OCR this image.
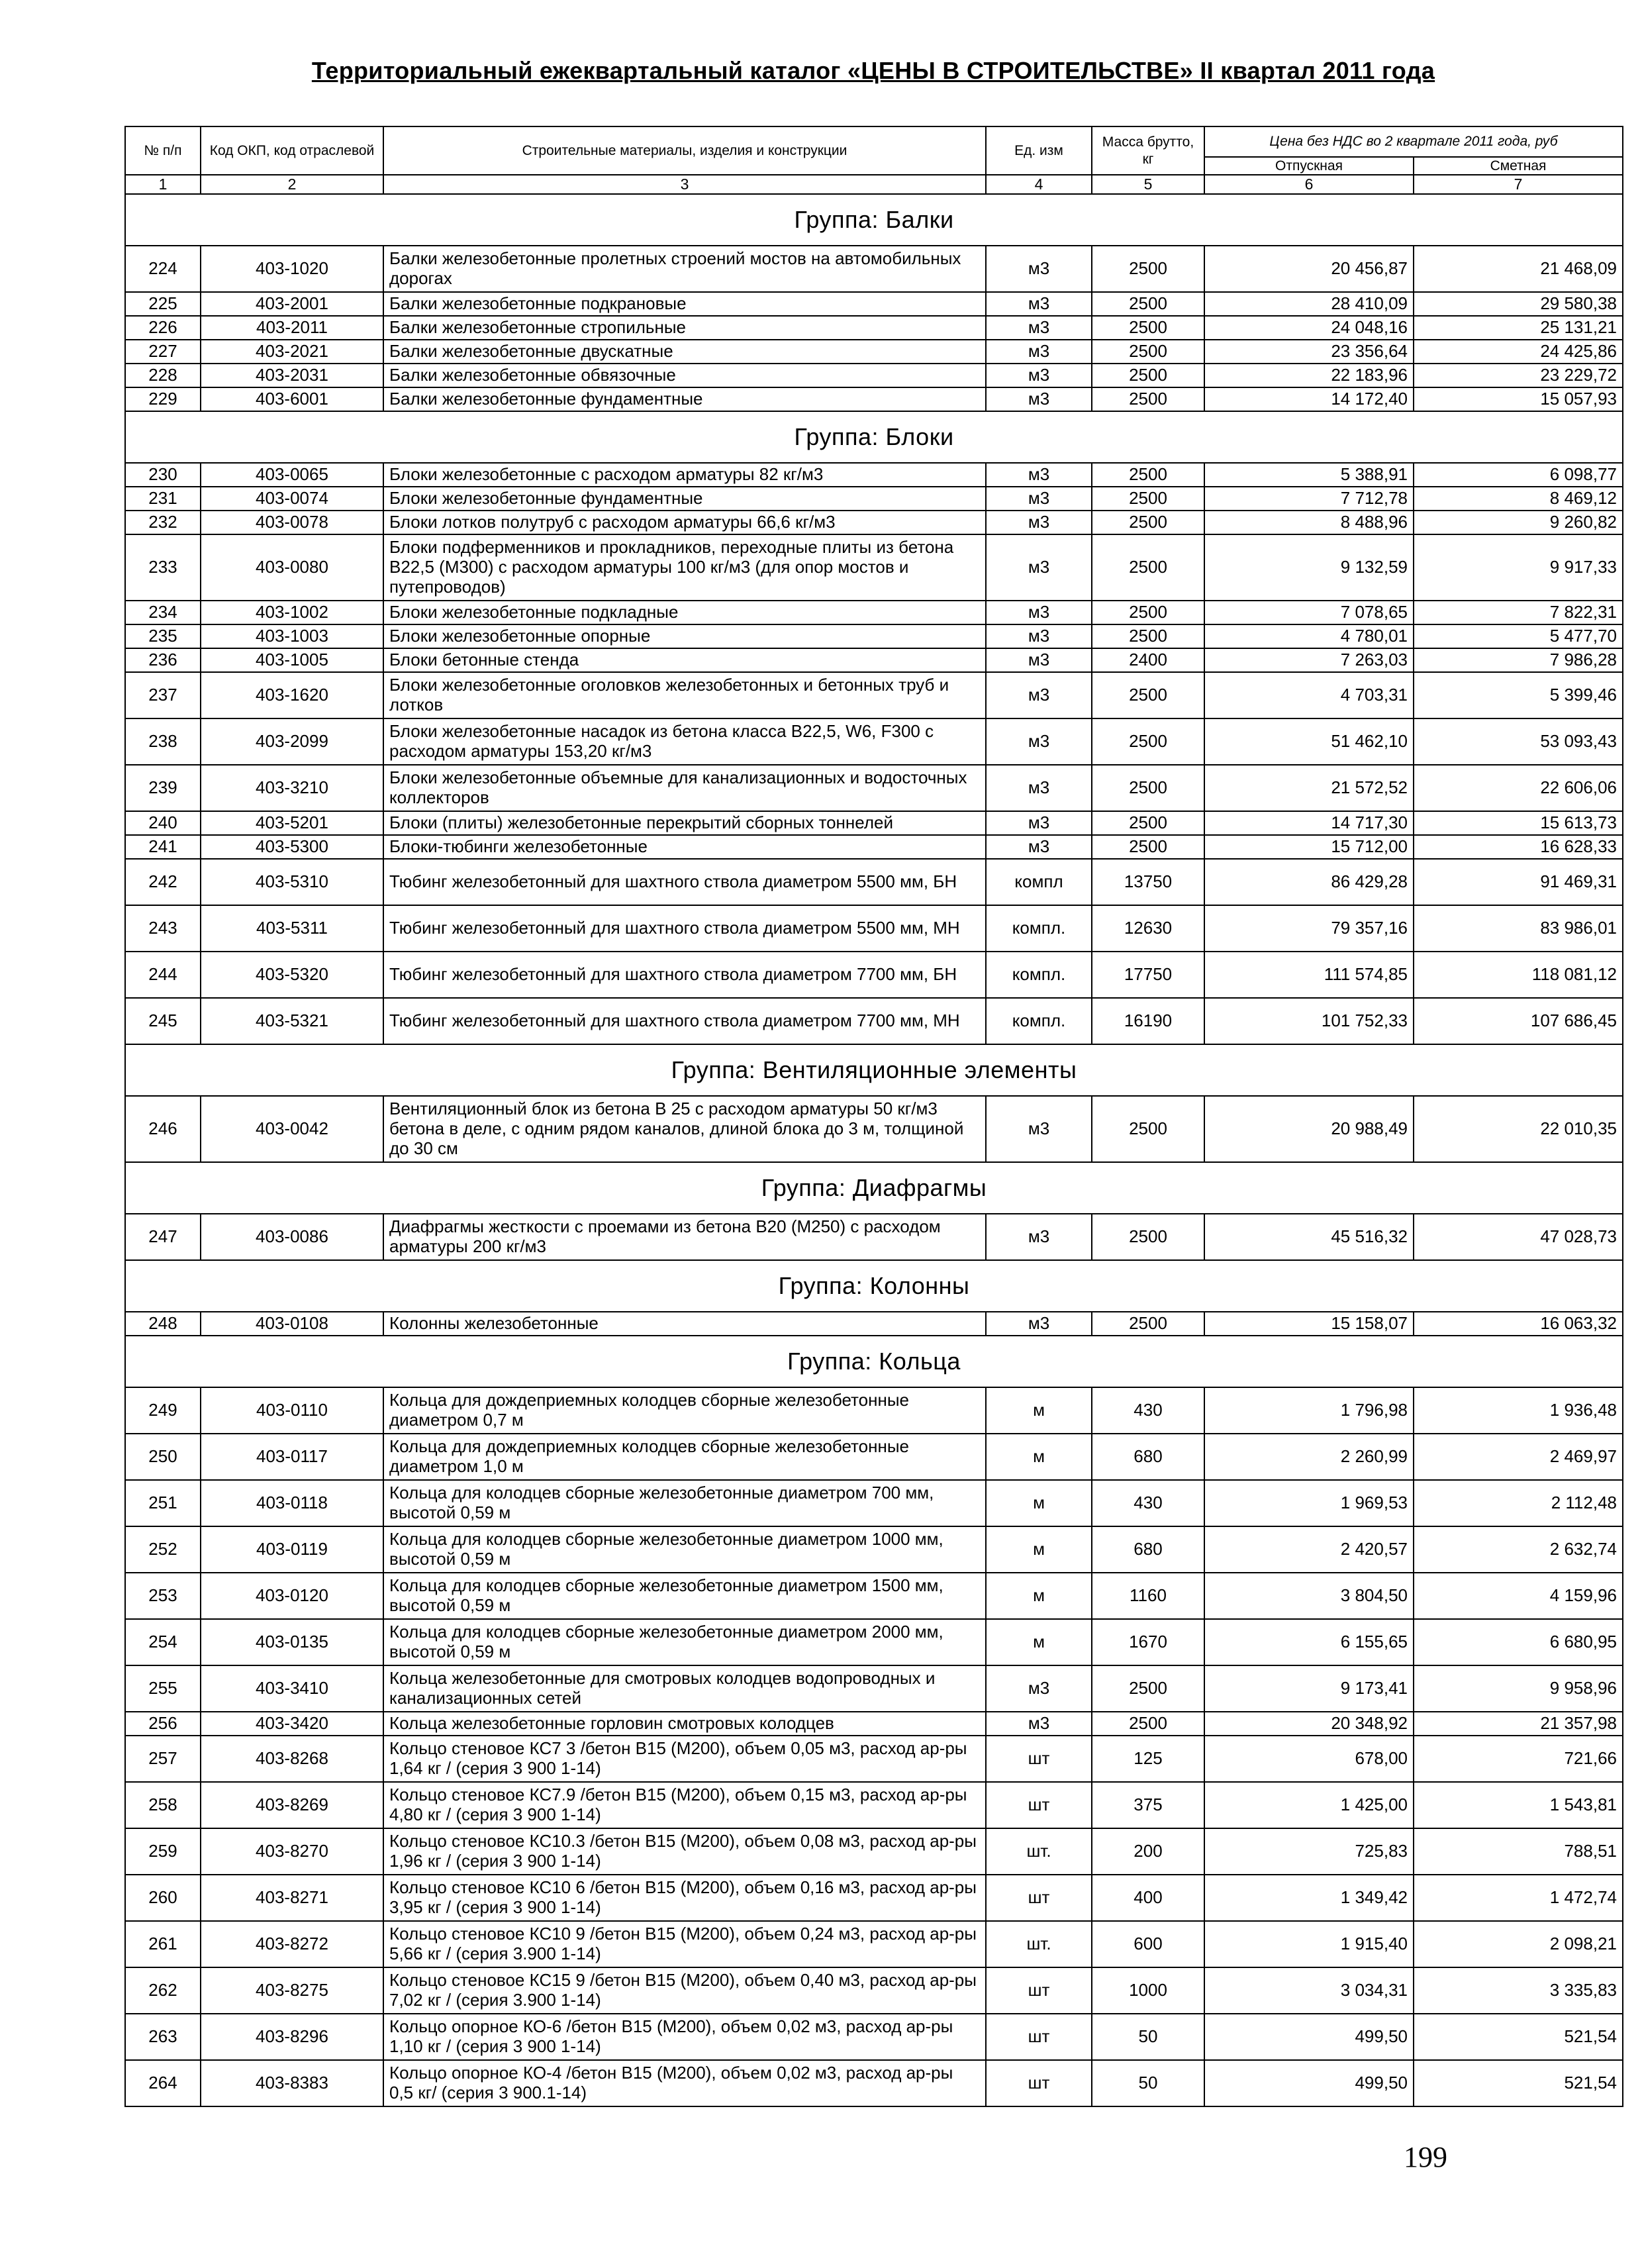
Территориальный ежеквартальный каталог «ЦЕНЫ В СТРОИТЕЛЬСТВЕ» II квартал 2011 года
№ п/п	Код ОКП, код отраслевой	Строительные материалы, изделия и конструкции	Ед. изм	Масса брутто, кг	Цена без НДС во 2 квартале 2011 года, руб	
					Отпускная	Сметная
1	2	3	4	5	6	7
Группа: Балки						
224	403-1020	Балки железобетонные пролетных строений мостов на автомобильных дорогах	м3	2500	20 456,87	21 468,09
225	403-2001	Балки железобетонные подкрановые	м3	2500	28 410,09	29 580,38
226	403-2011	Балки железобетонные стропильные	м3	2500	24 048,16	25 131,21
227	403-2021	Балки железобетонные двускатные	м3	2500	23 356,64	24 425,86
228	403-2031	Балки железобетонные обвязочные	м3	2500	22 183,96	23 229,72
229	403-6001	Балки железобетонные фундаментные	м3	2500	14 172,40	15 057,93
Группа: Блоки						
230	403-0065	Блоки железобетонные с расходом арматуры 82 кг/м3	м3	2500	5 388,91	6 098,77
231	403-0074	Блоки железобетонные фундаментные	м3	2500	7 712,78	8 469,12
232	403-0078	Блоки лотков полутруб с расходом арматуры 66,6 кг/м3	м3	2500	8 488,96	9 260,82
233	403-0080	Блоки подферменников и прокладников, переходные плиты из бетона В22,5 (М300) с расходом арматуры 100 кг/м3 (для опор мостов и путепроводов)	м3	2500	9 132,59	9 917,33
234	403-1002	Блоки железобетонные подкладные	м3	2500	7 078,65	7 822,31
235	403-1003	Блоки железобетонные опорные	м3	2500	4 780,01	5 477,70
236	403-1005	Блоки бетонные стенда	м3	2400	7 263,03	7 986,28
237	403-1620	Блоки железобетонные оголовков железобетонных и бетонных труб и лотков	м3	2500	4 703,31	5 399,46
238	403-2099	Блоки железобетонные насадок из бетона класса В22,5, W6, F300 с расходом арматуры 153,20 кг/м3	м3	2500	51 462,10	53 093,43
239	403-3210	Блоки железобетонные объемные для канализационных и водосточных коллекторов	м3	2500	21 572,52	22 606,06
240	403-5201	Блоки (плиты) железобетонные перекрытий сборных тоннелей	м3	2500	14 717,30	15 613,73
241	403-5300	Блоки-тюбинги железобетонные	м3	2500	15 712,00	16 628,33
242	403-5310	Тюбинг железобетонный для шахтного ствола диаметром 5500 мм, БН	компл	13750	86 429,28	91 469,31
243	403-5311	Тюбинг железобетонный для шахтного ствола диаметром 5500 мм, МН	компл.	12630	79 357,16	83 986,01
244	403-5320	Тюбинг железобетонный для шахтного ствола диаметром 7700 мм, БН	компл.	17750	111 574,85	118 081,12
245	403-5321	Тюбинг железобетонный для шахтного ствола диаметром 7700 мм, МН	компл.	16190	101 752,33	107 686,45
Группа: Вентиляционные элементы						
246	403-0042	Вентиляционный блок из бетона В 25 с расходом арматуры 50 кг/м3 бетона в деле, с одним рядом каналов, длиной блока до 3 м, толщиной до 30 см	м3	2500	20 988,49	22 010,35
Группа: Диафрагмы						
247	403-0086	Диафрагмы жесткости с проемами из бетона В20 (М250) с расходом арматуры 200 кг/м3	м3	2500	45 516,32	47 028,73
Группа: Колонны						
248	403-0108	Колонны железобетонные	м3	2500	15 158,07	16 063,32
Группа: Кольца						
249	403-0110	Кольца для дождеприемных колодцев сборные железобетонные диаметром 0,7 м	м	430	1 796,98	1 936,48
250	403-0117	Кольца для дождеприемных колодцев сборные железобетонные диаметром 1,0 м	м	680	2 260,99	2 469,97
251	403-0118	Кольца для колодцев сборные железобетонные диаметром 700 мм, высотой 0,59 м	м	430	1 969,53	2 112,48
252	403-0119	Кольца для колодцев сборные железобетонные диаметром 1000 мм, высотой 0,59 м	м	680	2 420,57	2 632,74
253	403-0120	Кольца для колодцев сборные железобетонные диаметром 1500 мм, высотой 0,59 м	м	1160	3 804,50	4 159,96
254	403-0135	Кольца для колодцев сборные железобетонные диаметром 2000 мм, высотой 0,59 м	м	1670	6 155,65	6 680,95
255	403-3410	Кольца железобетонные для смотровых колодцев водопроводных и канализационных сетей	м3	2500	9 173,41	9 958,96
256	403-3420	Кольца железобетонные горловин смотровых колодцев	м3	2500	20 348,92	21 357,98
257	403-8268	Кольцо стеновое КС7 3 /бетон В15 (М200), объем 0,05 м3, расход ар-ры 1,64 кг / (серия 3 900 1-14)	шт	125	678,00	721,66
258	403-8269	Кольцо стеновое КС7.9 /бетон В15 (М200), объем 0,15 м3, расход ар-ры 4,80 кг / (серия 3 900 1-14)	шт	375	1 425,00	1 543,81
259	403-8270	Кольцо стеновое КС10.3 /бетон В15 (М200), объем 0,08 м3, расход ар-ры 1,96 кг / (серия 3 900 1-14)	шт.	200	725,83	788,51
260	403-8271	Кольцо стеновое КС10 6 /бетон В15 (М200), объем 0,16 м3, расход ар-ры 3,95 кг / (серия 3 900 1-14)	шт	400	1 349,42	1 472,74
261	403-8272	Кольцо стеновое КС10 9 /бетон В15 (М200), объем 0,24 м3, расход ар-ры 5,66 кг / (серия 3.900 1-14)	шт.	600	1 915,40	2 098,21
262	403-8275	Кольцо стеновое КС15 9 /бетон В15 (М200), объем 0,40 м3, расход ар-ры 7,02 кг / (серия 3.900 1-14)	шт	1000	3 034,31	3 335,83
263	403-8296	Кольцо опорное КО-6 /бетон В15 (М200), объем 0,02 м3, расход ар-ры 1,10 кг / (серия 3 900 1-14)	шт	50	499,50	521,54
264	403-8383	Кольцо опорное КО-4 /бетон В15 (М200), объем 0,02 м3, расход ар-ры 0,5 кг/ (серия 3 900.1-14)	шт	50	499,50	521,54
199
